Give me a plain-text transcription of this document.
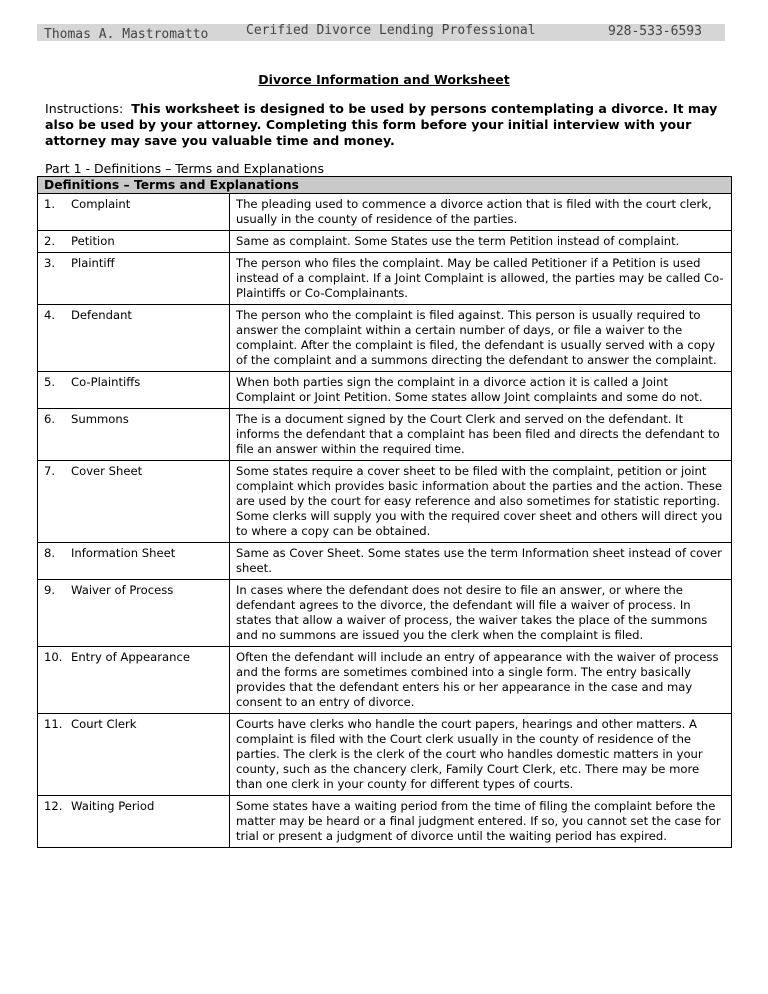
Thomas A. Mastromatto	Cerified Divorce Lending Professional	928-533-6593
Divorce Information and Worksheet
Instructions:  This worksheet is designed to be used by persons contemplating a divorce. It may also be used by your attorney. Completing this form before your initial interview with your attorney may save you valuable time and money.
Part 1 - Definitions – Terms and Explanations
Definitions – Terms and Explanations	
1. Complaint	The pleading used to commence a divorce action that is filed with the court clerk, usually in the county of residence of the parties.
2. Petition	Same as complaint. Some States use the term Petition instead of complaint.
3. Plaintiff	The person who files the complaint. May be called Petitioner if a Petition is used instead of a complaint. If a Joint Complaint is allowed, the parties may be called Co-Plaintiffs or Co-Complainants.
4. Defendant	The person who the complaint is filed against. This person is usually required to answer the complaint within a certain number of days, or file a waiver to the complaint. After the complaint is filed, the defendant is usually served with a copy of the complaint and a summons directing the defendant to answer the complaint.
5. Co-Plaintiffs	When both parties sign the complaint in a divorce action it is called a Joint Complaint or Joint Petition. Some states allow Joint complaints and some do not.
6. Summons	The is a document signed by the Court Clerk and served on the defendant. It informs the defendant that a complaint has been filed and directs the defendant to file an answer within the required time.
7. Cover Sheet	Some states require a cover sheet to be filed with the complaint, petition or joint complaint which provides basic information about the parties and the action. These are used by the court for easy reference and also sometimes for statistic reporting. Some clerks will supply you with the required cover sheet and others will direct you to where a copy can be obtained.
8. Information Sheet	Same as Cover Sheet. Some states use the term Information sheet instead of cover sheet.
9. Waiver of Process	In cases where the defendant does not desire to file an answer, or where the defendant agrees to the divorce, the defendant will file a waiver of process. In states that allow a waiver of process, the waiver takes the place of the summons and no summons are issued you the clerk when the complaint is filed.
10. Entry of Appearance	Often the defendant will include an entry of appearance with the waiver of process and the forms are sometimes combined into a single form. The entry basically provides that the defendant enters his or her appearance in the case and may consent to an entry of divorce.
11. Court Clerk	Courts have clerks who handle the court papers, hearings and other matters. A complaint is filed with the Court clerk usually in the county of residence of the parties. The clerk is the clerk of the court who handles domestic matters in your county, such as the chancery clerk, Family Court Clerk, etc. There may be more than one clerk in your county for different types of courts.
12. Waiting Period	Some states have a waiting period from the time of filing the complaint before the matter may be heard or a final judgment entered. If so, you cannot set the case for trial or present a judgment of divorce until the waiting period has expired.
